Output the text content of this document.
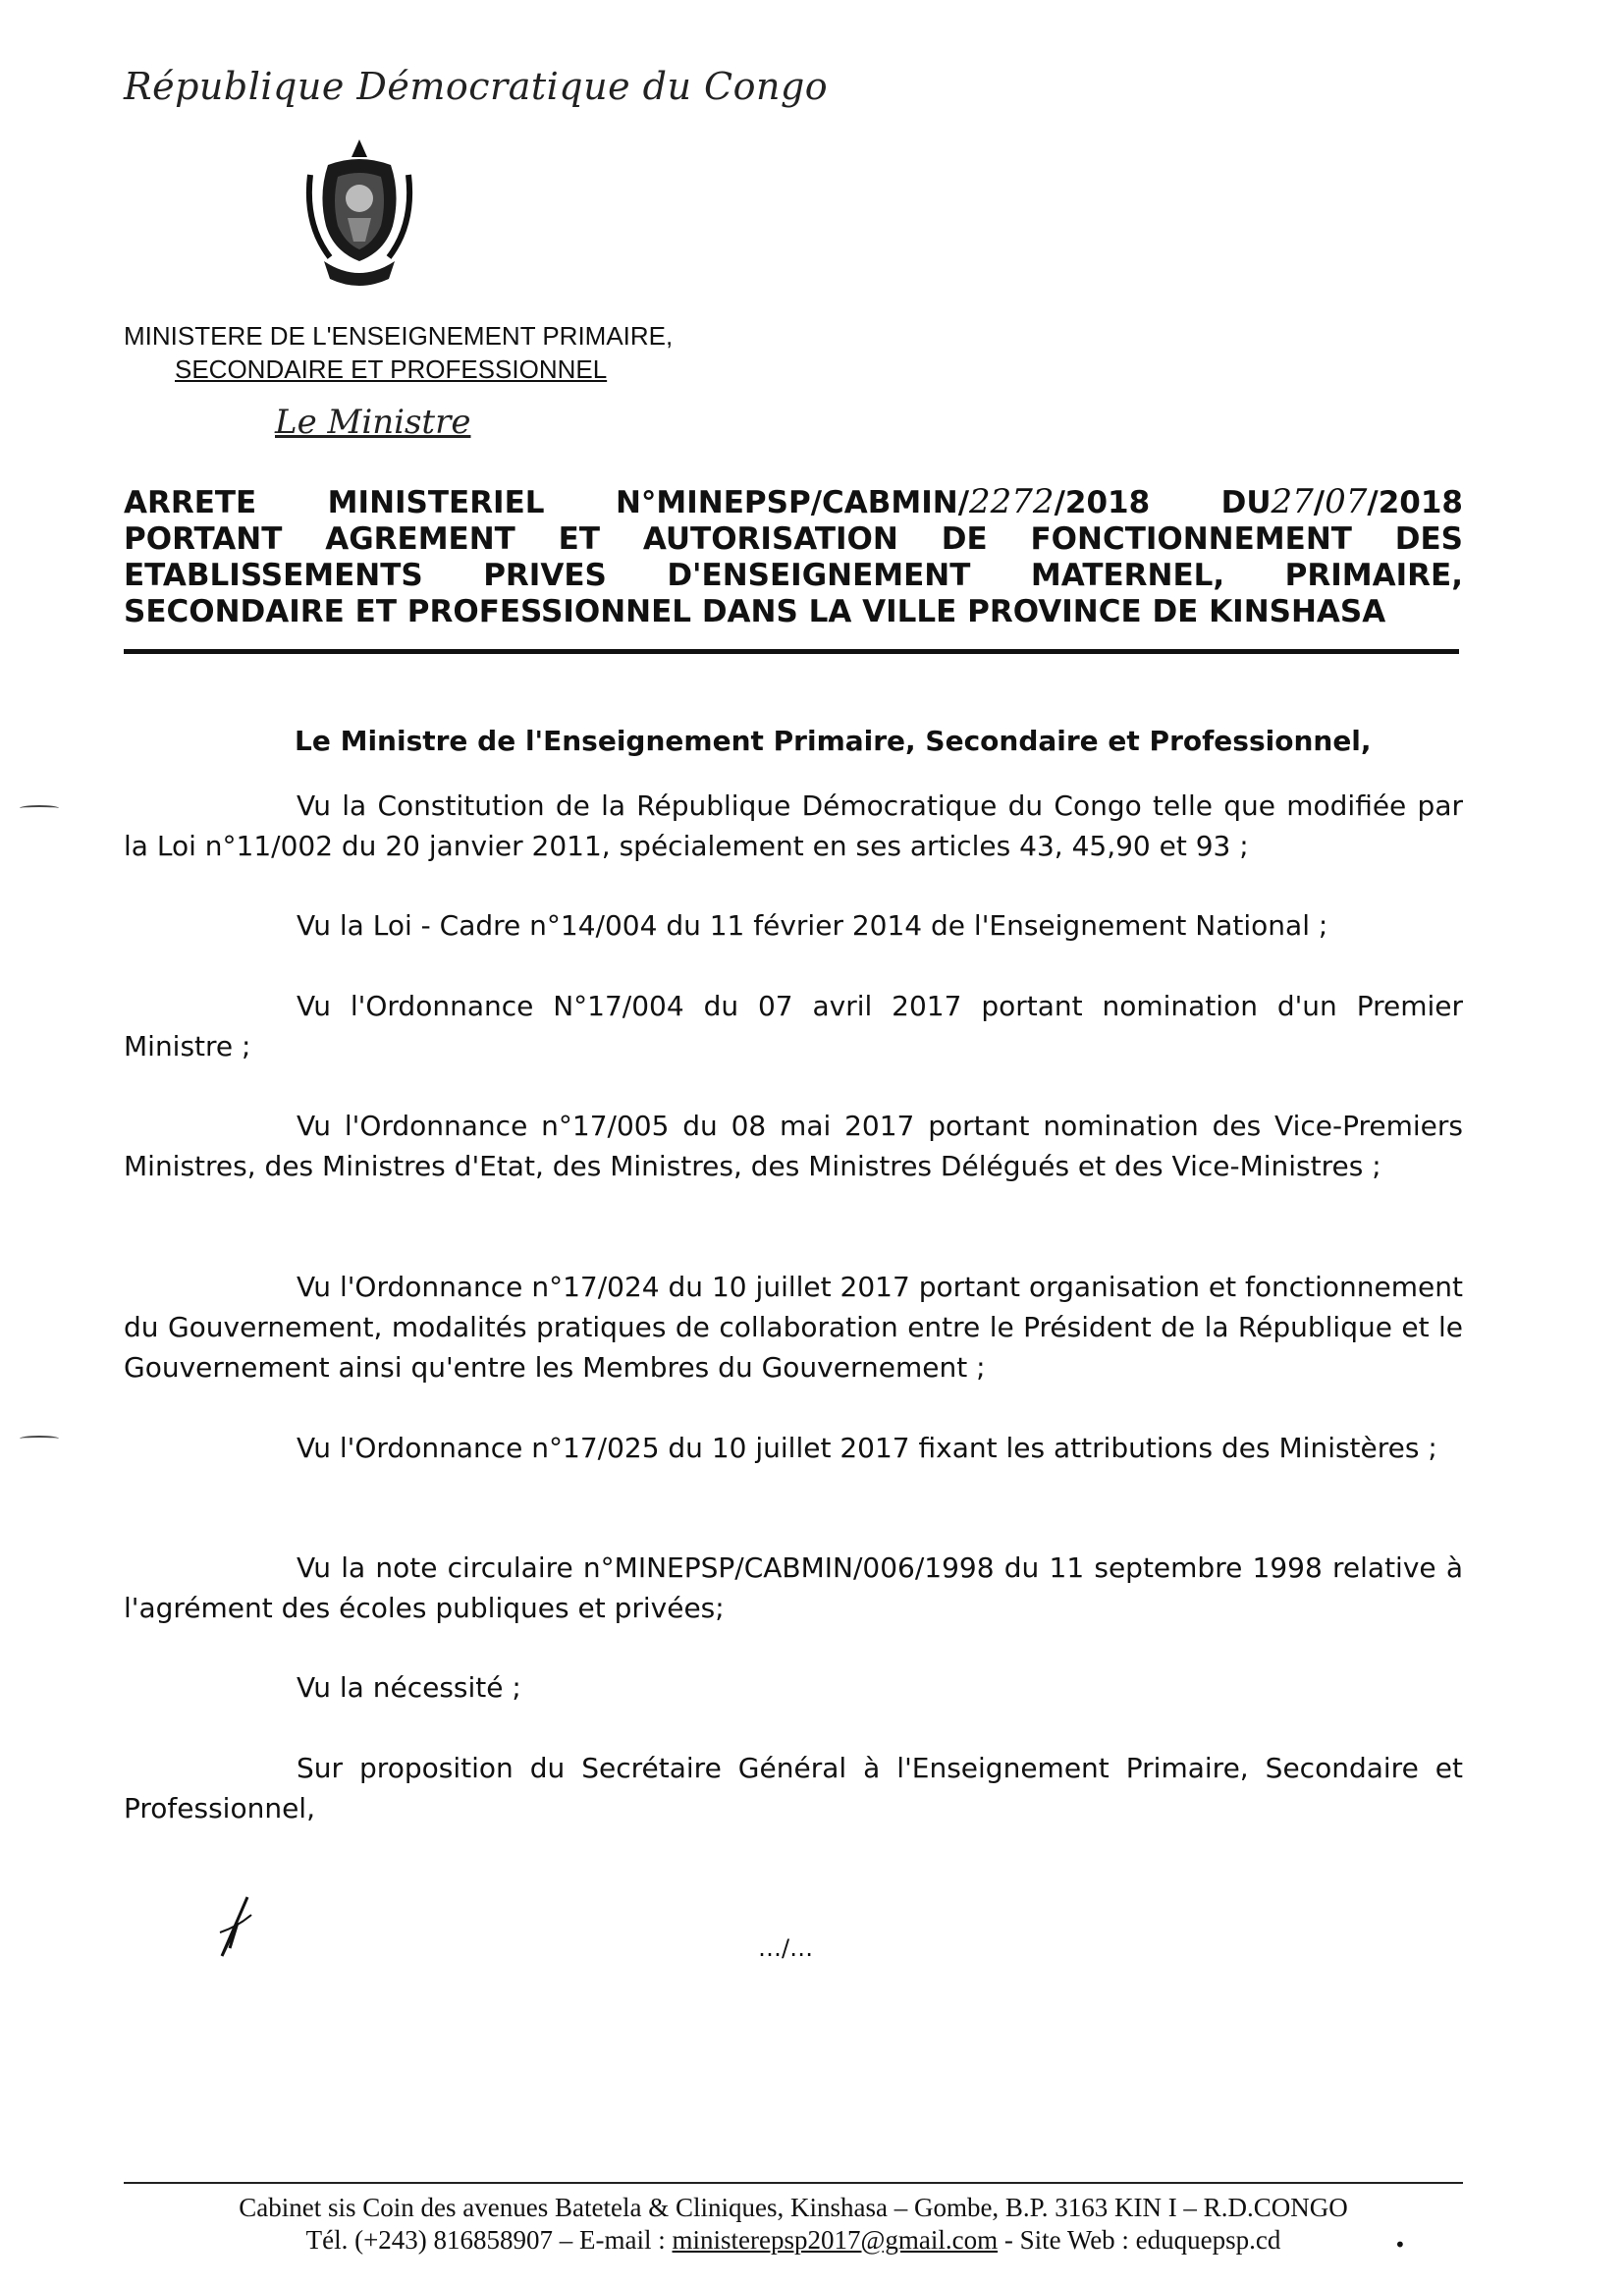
République Démocratique du Congo
MINISTERE DE L'ENSEIGNEMENT PRIMAIRE,
SECONDAIRE ET PROFESSIONNEL
Le Ministre
ARRETE MINISTERIEL N°MINEPSP/CABMIN/2272/2018 DU27/07/2018
PORTANT AGREMENT ET AUTORISATION DE FONCTIONNEMENT DES
ETABLISSEMENTS PRIVES D'ENSEIGNEMENT MATERNEL, PRIMAIRE,
SECONDAIRE ET PROFESSIONNEL DANS LA VILLE PROVINCE DE KINSHASA
Le Ministre de l'Enseignement Primaire, Secondaire et Professionnel,

Vu la Constitution de la République Démocratique du Congo telle que modifiée par la Loi n°11/002 du 20 janvier 2011, spécialement en ses articles 43, 45,90 et 93 ;

Vu la Loi - Cadre n°14/004 du 11 février 2014 de l'Enseignement National ;

Vu l'Ordonnance N°17/004 du 07 avril 2017 portant nomination d'un Premier Ministre ;

Vu l'Ordonnance n°17/005 du 08 mai 2017 portant nomination des Vice-Premiers Ministres, des Ministres d'Etat, des Ministres, des Ministres Délégués et des Vice-Ministres ;

Vu l'Ordonnance n°17/024 du 10 juillet 2017 portant organisation et fonctionnement du Gouvernement, modalités pratiques de collaboration entre le Président de la République et le Gouvernement ainsi qu'entre les Membres du Gouvernement ;

Vu l'Ordonnance n°17/025 du 10 juillet 2017 fixant les attributions des Ministères ;

Vu la note circulaire n°MINEPSP/CABMIN/006/1998 du 11 septembre 1998 relative à l'agrément des écoles publiques et privées;

Vu la nécessité ;

Sur proposition du Secrétaire Général à l'Enseignement Primaire, Secondaire et Professionnel,

…/…
Cabinet sis Coin des avenues Batetela & Cliniques, Kinshasa – Gombe, B.P. 3163 KIN I – R.D.CONGO
Tél. (+243) 816858907 – E-mail : ministerepsp2017@gmail.com - Site Web : eduquepsp.cd	•
